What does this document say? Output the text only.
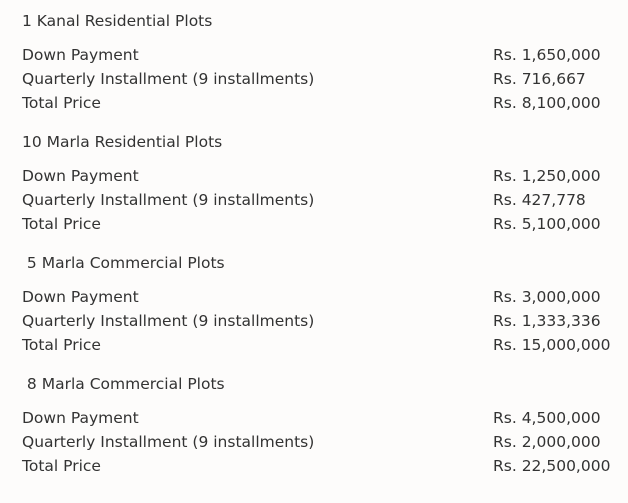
1 Kanal Residential Plots
Down Payment	Rs. 1,650,000
Quarterly Installment (9 installments)	Rs. 716,667
Total Price	Rs. 8,100,000
10 Marla Residential Plots
Down Payment	Rs. 1,250,000
Quarterly Installment (9 installments)	Rs. 427,778
Total Price	Rs. 5,100,000
5 Marla Commercial Plots
Down Payment	Rs. 3,000,000
Quarterly Installment (9 installments)	Rs. 1,333,336
Total Price	Rs. 15,000,000
8 Marla Commercial Plots
Down Payment	Rs. 4,500,000
Quarterly Installment (9 installments)	Rs. 2,000,000
Total Price	Rs. 22,500,000
